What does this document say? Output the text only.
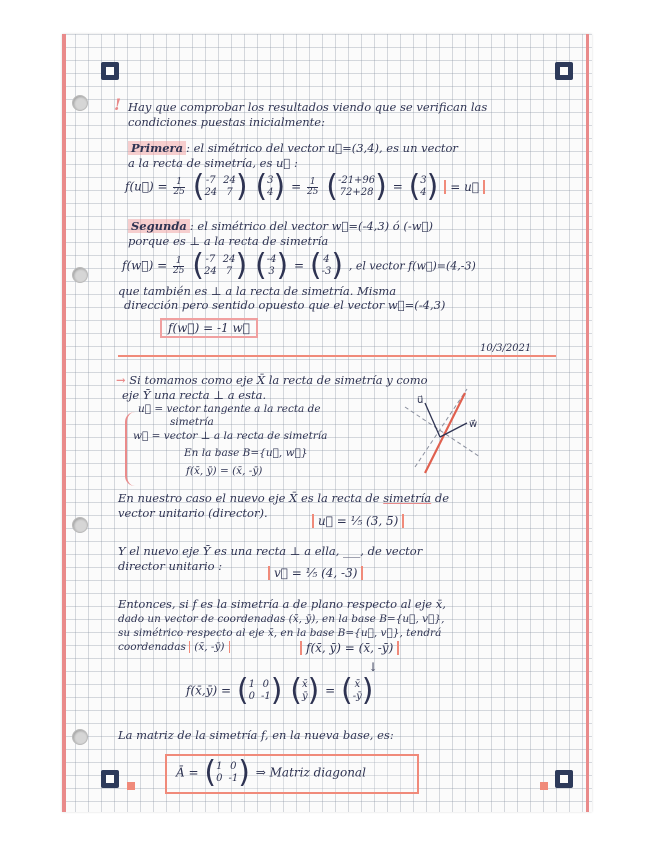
! Hay que comprobar los resultados viendo que se verifican las
condiciones puestas inicialmente:
Primera : el simétrico del vector u⃗=(3,4), es un vector
a la recta de simetría, es u⃗ :
f(u⃗) = $\frac{1}{25}$
( -7 24
24 7 )
( 3
4 ) = $\frac{1}{25}$
( -21+96
72+28 ) = ( 3
4 ) = u⃗
Segunda : el simétrico del vector w⃗=(-4,3) ó (-w⃗)
porque es ⊥ a la recta de simetría
f(w⃗) = $\frac{1}{25}$
( -7 24
24 7 )
( -4
3 ) = ( 4
-3 ) , el vector f(w⃗)=(4,-3)
que también es ⊥ a la recta de simetría. Misma
dirección pero sentido opuesto que el vector w⃗=(-4,3)
f(w⃗) = -1 w⃗
10/3/2021
→ Si tomamos como eje X̄ la recta de simetría y como
eje Ȳ una recta ⊥ a esta.
u⃗ = vector tangente a la recta de
simetría
w⃗ = vector ⊥ a la recta de simetría
En la base B={u⃗, w⃗}
f(x̄, ȳ) = (x̄, -ȳ)
u⃗
w⃗
En nuestro caso el nuevo eje X̄ es la recta de simetría de
vector unitario (director).
u⃗ = ⅕ (3, 5)
Y el nuevo eje Ȳ es una recta ⊥ a ella, ___, de vector
director unitario :	v⃗ = ⅕ (4, -3)
Entonces, si f es la simetría a de plano respecto al eje x̄,
dado un vector de coordenadas (x̄, ȳ), en la base B={u⃗, v⃗},
su simétrico respecto al eje x̄, en la base B={u⃗, v⃗}, tendrá
coordenadas (x̄, -ȳ)	f(x̄, ȳ) = (x̄, -ȳ)
↓
f(x̄,ȳ) = ( 1 0
0 -1 )
( x̄
ȳ ) = ( x̄
-ȳ )
La matriz de la simetría f, en la nueva base, es:
Ā = ( 1 0
0 -1 ) ⇒ Matriz diagonal
